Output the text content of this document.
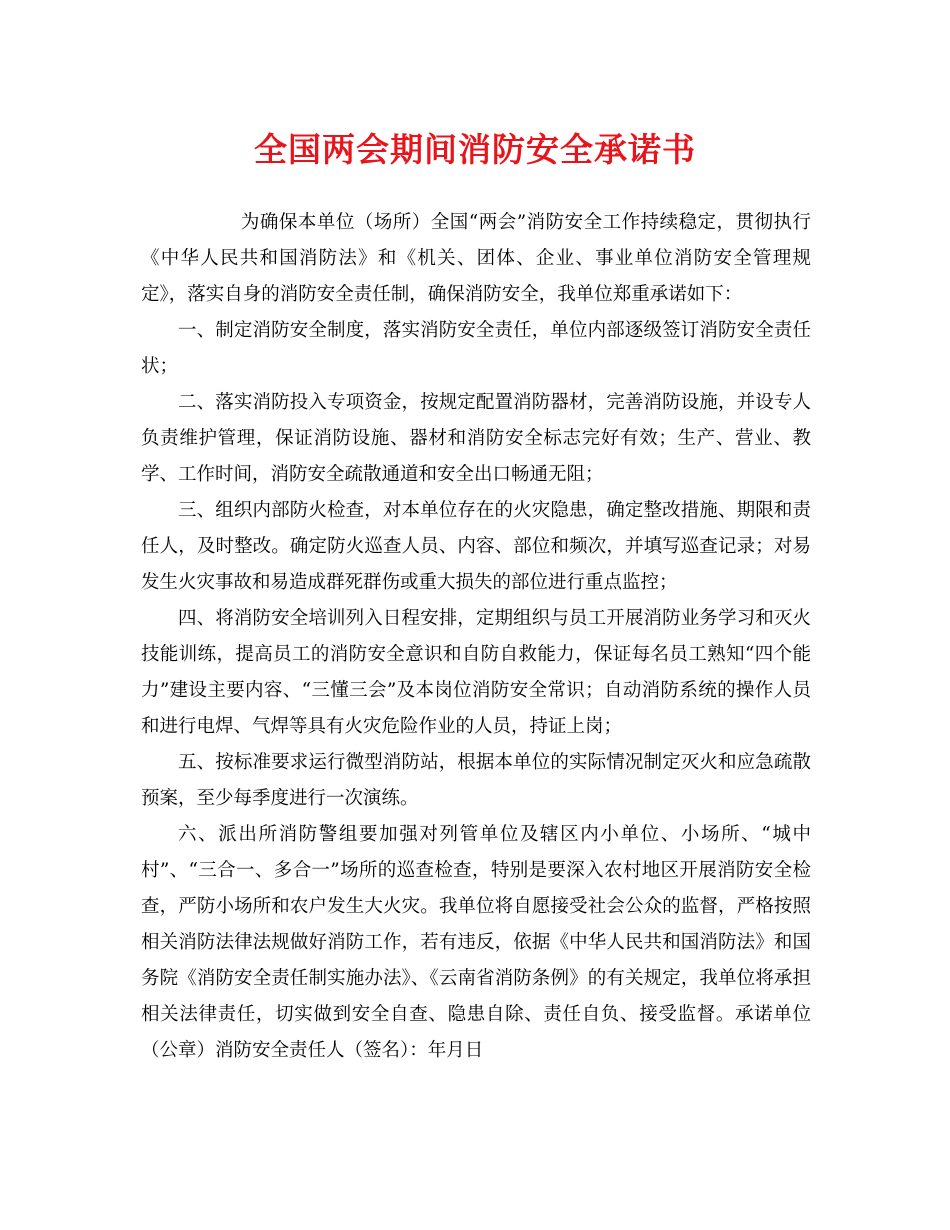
全国两会期间消防安全承诺书

为确保本单位（场所）全国“两会”消防安全工作持续稳定，贯彻执行《中华人民共和国消防法》和《机关、团体、企业、事业单位消防安全管理规定》，落实自身的消防安全责任制，确保消防安全，我单位郑重承诺如下：

一、制定消防安全制度，落实消防安全责任，单位内部逐级签订消防安全责任状；

二、落实消防投入专项资金，按规定配置消防器材，完善消防设施，并设专人负责维护管理，保证消防设施、器材和消防安全标志完好有效；生产、营业、教学、工作时间，消防安全疏散通道和安全出口畅通无阻；

三、组织内部防火检查，对本单位存在的火灾隐患，确定整改措施、期限和责任人，及时整改。确定防火巡查人员、内容、部位和频次，并填写巡查记录；对易发生火灾事故和易造成群死群伤或重大损失的部位进行重点监控；

四、将消防安全培训列入日程安排，定期组织与员工开展消防业务学习和灭火技能训练，提高员工的消防安全意识和自防自救能力，保证每名员工熟知“四个能力”建设主要内容、“三懂三会”及本岗位消防安全常识；自动消防系统的操作人员和进行电焊、气焊等具有火灾危险作业的人员，持证上岗；

五、按标准要求运行微型消防站，根据本单位的实际情况制定灭火和应急疏散预案，至少每季度进行一次演练。

六、派出所消防警组要加强对列管单位及辖区内小单位、小场所、“城中村”、“三合一、多合一”场所的巡查检查，特别是要深入农村地区开展消防安全检查，严防小场所和农户发生大火灾。我单位将自愿接受社会公众的监督，严格按照相关消防法律法规做好消防工作，若有违反，依据《中华人民共和国消防法》和国务院《消防安全责任制实施办法》、《云南省消防条例》的有关规定，我单位将承担相关法律责任，切实做到安全自查、隐患自除、责任自负、接受监督。承诺单位（公章）消防安全责任人（签名）：年月日
